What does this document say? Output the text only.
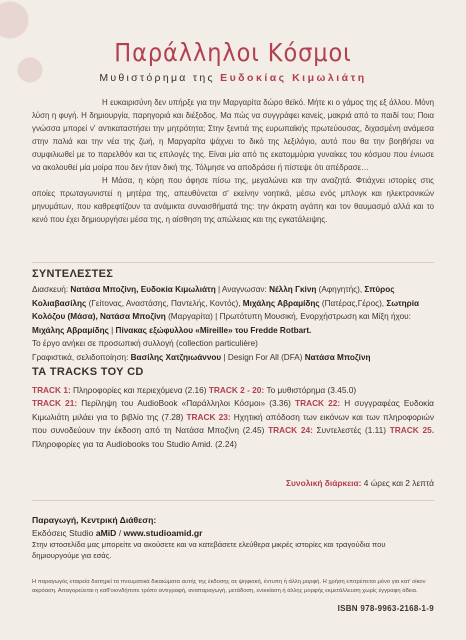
Παράλληλοι Κόσμοι
Μυθιστόρημα της Ευδοκίας Κιμωλιάτη

Η ευκαιρισύνη δεν υπήρξε για την Μαργαρίτα δώρο θεϊκό. Μήτε κι ο γάμος της εξ άλλου. Μόνη λύση η φυγή. Η δημιουργία, παρηγοριά και διέξοδος. Μα πώς να συγγράφει κανείς, μακριά από το παιδί του; Ποια γνώσσα μπορεί ν' αντικαταστήσει την μητρότητα; Στην ξενιτιά της ευρωπαϊκής πρωτεύουσας, διχασμένη ανάμεσα στην παλιά και την νέα της ζωή, η Μαργαρίτα ψάχνει το δικό της λεξιλόγιο, αυτό που θα την βοηθήσει να συμφιλιωθεί με το παρελθόν και τις επιλογές της. Είναι μία από τις εκατομμύρια γυναίκες του κόσμου που ένιωσε να ακολουθεί μία μοίρα που δεν ήταν δική της. Τόλμησε να αποδράσει ή πίστεψε ότι απέδρασε…

Η Μάσα, η κόρη που άφησε πίσω της, μεγαλώνει και την αναζητά. Φτιάχνει ιστορίες στις οποίες πρωταγωνιστεί η μητέρα της, απευθύνεται σ' εκείνην νοητικά, μέσω ενός μπλογκ και ηλεκτρονικών μηνυμάτων, που καθρεφτίζουν τα ανάμικτα συναισθήματά της: την άκρατη αγάπη και τον θαυμασμό αλλά και το κενό που έχει δημιουργήσει μέσα της, η αίσθηση της απώλειας και της εγκατάλειψης.

ΣΥΝΤΕΛΕΣΤΕΣ
Διασκευή: Νατάσα Μποζίνη, Ευδοκία Κιμωλιάτη | Αναγνωσαν: Νέλλη Γκίνη (Αφηγητής), Σπύρος Κολιαβασίλης (Γείτονας, Αναστάσης, Παντελής, Κοντός), Μιχάλης Αβραμίδης (Πατέρας,Γέρος), Σωτηρία Κολόζου (Μάσα), Νατάσα Μποζίνη (Μαργαρίτα) | Πρωτότυπη Μουσική, Ενορχήστρωση και Μίξη ήχου: Μιχάλης Αβραμίδης | Πίνακας εξώφυλλου «Mireille» του Fredde Rotbart.
Το έργο ανήκει σε προσωπική συλλογή (collection particulière)
Γραφιστικά, σελιδοποίηση: Βασίλης Χατζηιωάννου | Design For All (DFA) Νατάσα Μποζίνη
ΤΑ TRACKS ΤΟΥ CD
TRACK 1: Πληροφορίες και περιεχόμενα (2.16) TRACK 2 - 20: Το μυθιστόρημα (3.45.0)
TRACK 21: Περίληψη του AudioBook «Παράλληλοι Κόσμοι» (3.36) TRACK 22: Η συγγραφέας Ευδοκία Κιμωλιάτη μιλάει για το βιβλίο της (7.28) TRACK 23: Ηχητική απόδοση των εικόνων και των πληροφοριών που συνοδεύουν την έκδοση από τη Νατάσα Μποζίνη (2.45) TRACK 24: Συντελεστές (1.11) TRACK 25. Πληροφορίες για τα Audiobooks του Studio Amid. (2.24)
Συνολική διάρκεια: 4 ώρες και 2 λεπτά
Παραγωγή, Κεντρική Διάθεση:
Εκδόσεις Studio aMiD / www.studioamid.gr
Στην ιστοσελίδα μας μπορείτε να ακούσετε και να κατεβάσετε ελεύθερα μικρές ιστορίες και τραγούδια που δημιουργούμε για εσάς.
Η παραγωγός εταιρεία διατηρεί τα πνευματικά δικαιώματα αυτής της έκδοσης σε ψηφιακή, έντυπη ή άλλη μορφή. Η χρήση επιτρέπεται μόνο για κατ' οίκον ακρόαση. Απαγορεύεται η καθ'οιονδήποτε τρόπο αντιγραφή, αναπαραγωγή, μετάδοση, ενοικίαση ή άλλης μορφής εκμετάλλευση χωρίς έγγραφη άδεια.
ISBN 978-9963-2168-1-9
